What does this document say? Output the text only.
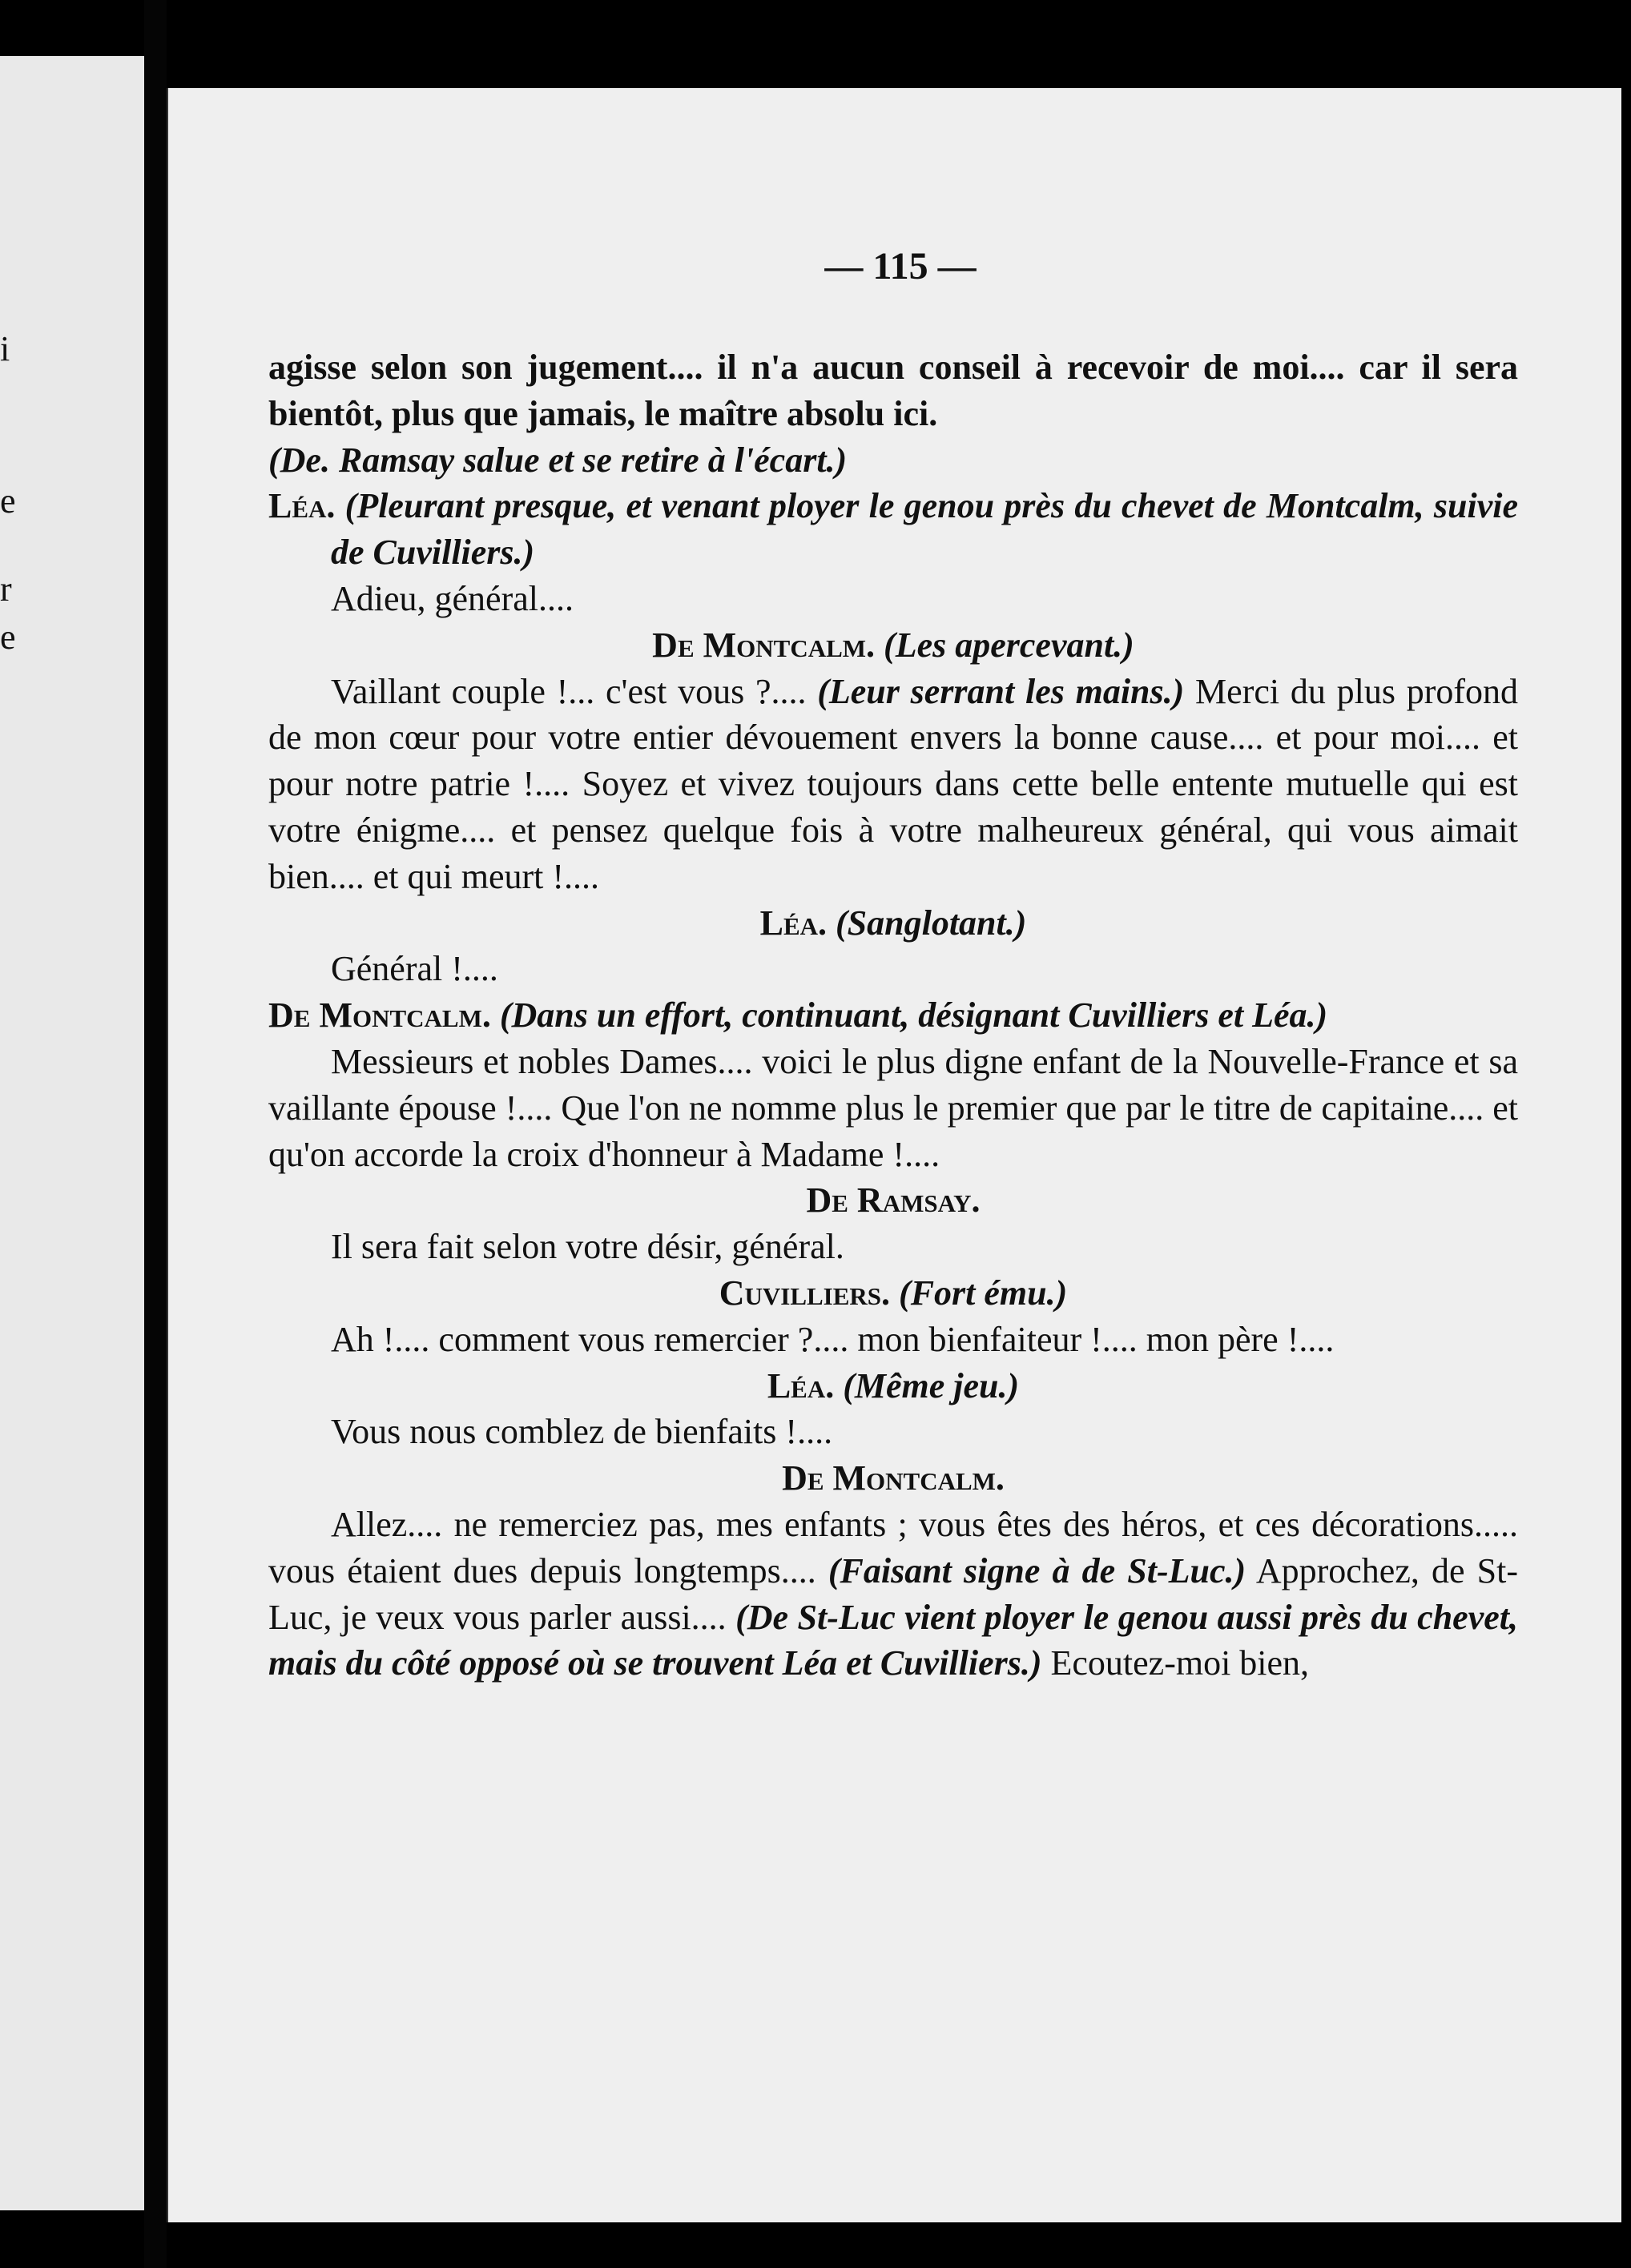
i
e
r
e

— 115 —

agisse selon son jugement.... il n'a aucun conseil à recevoir de moi.... car il sera bientôt, plus que jamais, le maître absolu ici.

(De. Ramsay salue et se retire à l'écart.)

Léa. (Pleurant presque, et venant ployer le genou près du chevet de Montcalm, suivie de Cuvilliers.)

Adieu, général....

De Montcalm. (Les apercevant.)

Vaillant couple !... c'est vous ?.... (Leur serrant les mains.) Merci du plus profond de mon cœur pour votre entier dévouement envers la bonne cause.... et pour moi.... et pour notre patrie !.... Soyez et vivez toujours dans cette belle entente mutuelle qui est votre énigme.... et pensez quelque fois à votre malheureux général, qui vous aimait bien.... et qui meurt !....

Léa. (Sanglotant.)

Général !....

De Montcalm. (Dans un effort, continuant, désignant Cuvilliers et Léa.)

Messieurs et nobles Dames.... voici le plus digne enfant de la Nouvelle-France et sa vaillante épouse !.... Que l'on ne nomme plus le premier que par le titre de capitaine.... et qu'on accorde la croix d'honneur à Madame !....

De Ramsay.

Il sera fait selon votre désir, général.

Cuvilliers. (Fort ému.)

Ah !.... comment vous remercier ?.... mon bienfaiteur !.... mon père !....

Léa. (Même jeu.)

Vous nous comblez de bienfaits !....

De Montcalm.

Allez.... ne remerciez pas, mes enfants ; vous êtes des héros, et ces décorations..... vous étaient dues depuis longtemps.... (Faisant signe à de St-Luc.) Approchez, de St-Luc, je veux vous parler aussi.... (De St-Luc vient ployer le genou aussi près du chevet, mais du côté opposé où se trouvent Léa et Cuvilliers.) Ecoutez-moi bien,
